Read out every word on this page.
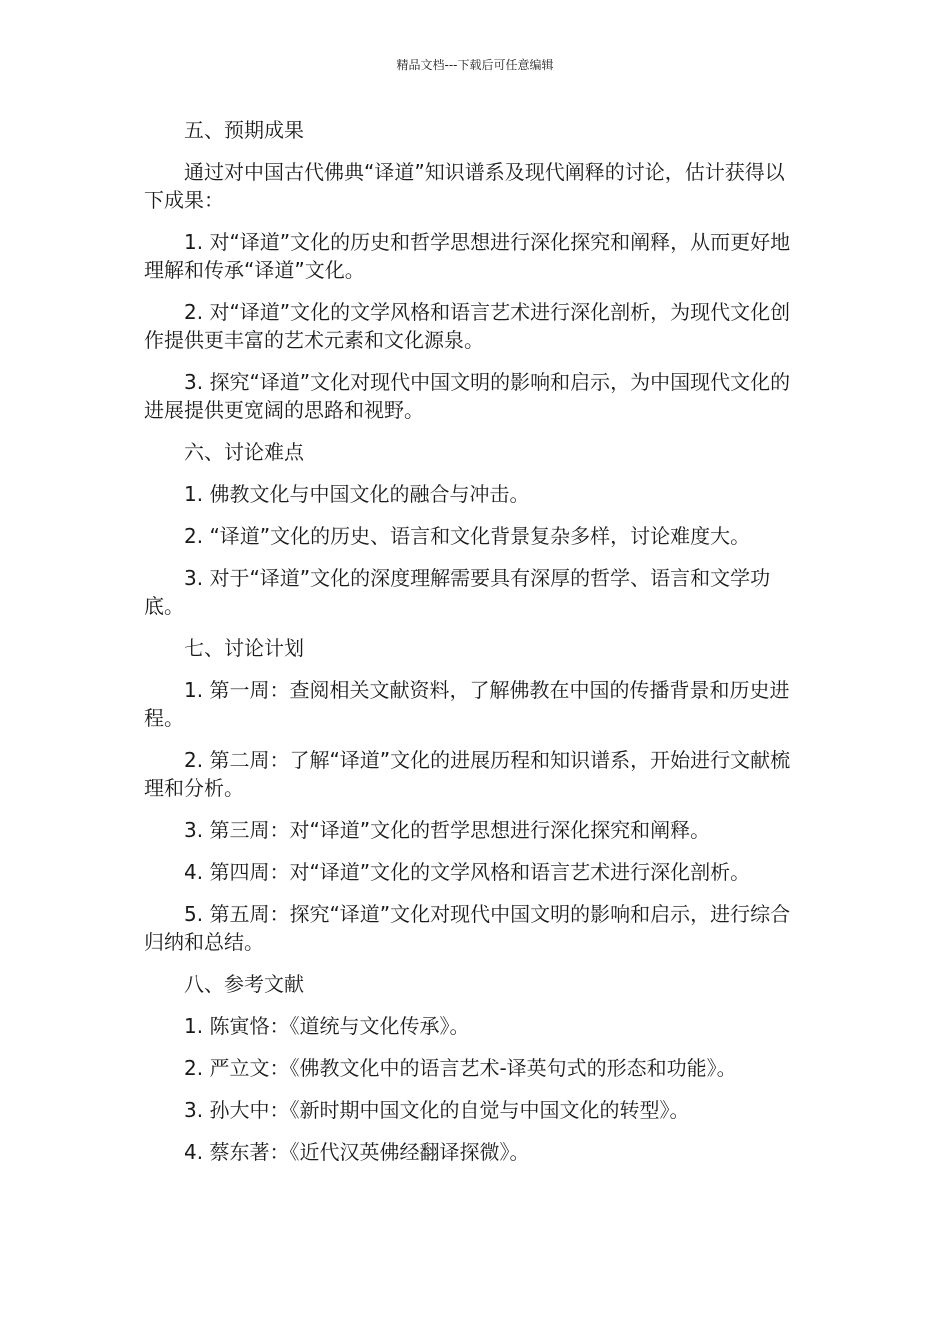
精品文档---下载后可任意编辑

五、预期成果

通过对中国古代佛典“译道”知识谱系及现代阐释的讨论，估计获得以下成果：

1. 对“译道”文化的历史和哲学思想进行深化探究和阐释，从而更好地理解和传承“译道”文化。

2. 对“译道”文化的文学风格和语言艺术进行深化剖析，为现代文化创作提供更丰富的艺术元素和文化源泉。

3. 探究“译道”文化对现代中国文明的影响和启示，为中国现代文化的进展提供更宽阔的思路和视野。

六、讨论难点

1. 佛教文化与中国文化的融合与冲击。

2. “译道”文化的历史、语言和文化背景复杂多样，讨论难度大。

3. 对于“译道”文化的深度理解需要具有深厚的哲学、语言和文学功底。

七、讨论计划

1. 第一周：查阅相关文献资料，了解佛教在中国的传播背景和历史进程。

2. 第二周：了解“译道”文化的进展历程和知识谱系，开始进行文献梳理和分析。

3. 第三周：对“译道”文化的哲学思想进行深化探究和阐释。

4. 第四周：对“译道”文化的文学风格和语言艺术进行深化剖析。

5. 第五周：探究“译道”文化对现代中国文明的影响和启示，进行综合归纳和总结。

八、参考文献

1. 陈寅恪：《道统与文化传承》。

2. 严立文：《佛教文化中的语言艺术-译英句式的形态和功能》。

3. 孙大中：《新时期中国文化的自觉与中国文化的转型》。

4. 蔡东著：《近代汉英佛经翻译探微》。
